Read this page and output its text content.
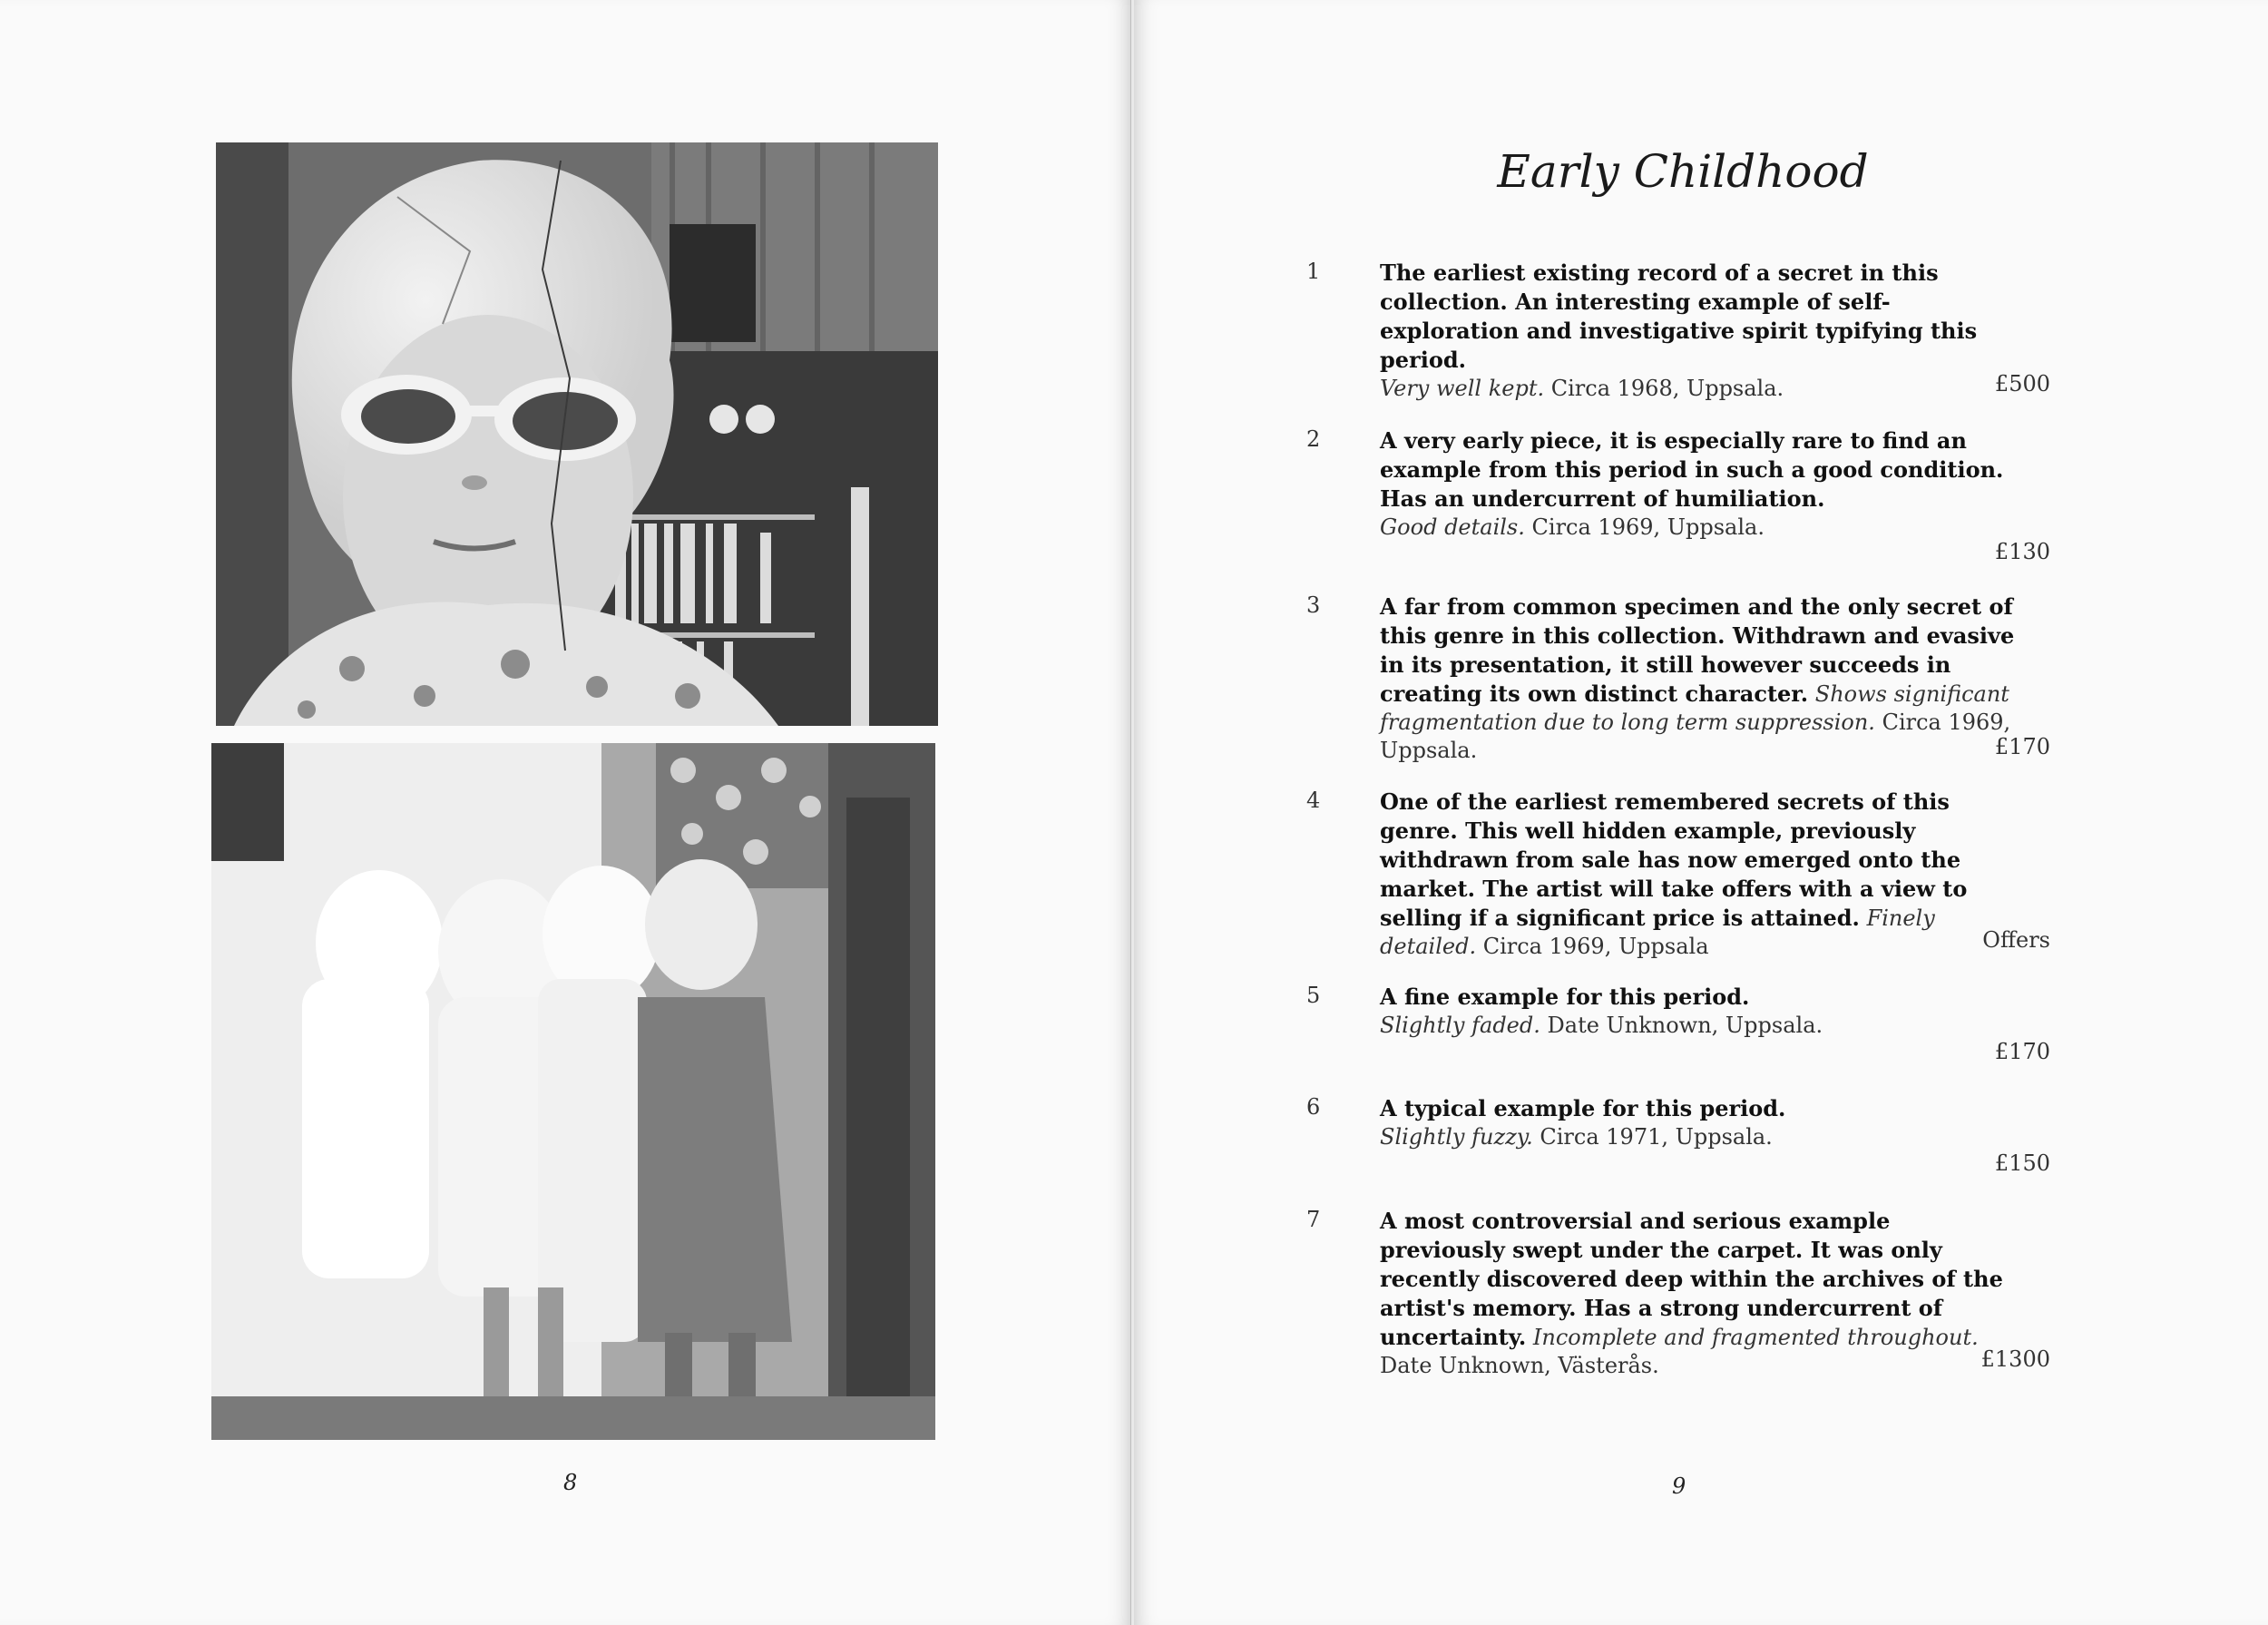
8
Early Childhood
1	The earliest existing record of a secret in this collection. An interesting example of self-exploration and investigative spirit typifying this period.
Very well kept. Circa 1968, Uppsala.	£500
2	A very early piece, it is especially rare to find an example from this period in such a good condition. Has an undercurrent of humiliation.
Good details. Circa 1969, Uppsala.
£130
3	A far from common specimen and the only secret of this genre in this collection. Withdrawn and evasive in its presentation, it still however succeeds in creating its own distinct character. Shows significant fragmentation due to long term suppression. Circa 1969, Uppsala.	£170
4	One of the earliest remembered secrets of this genre. This well hidden example, previously withdrawn from sale has now emerged onto the market. The artist will take offers with a view to selling if a significant price is attained. Finely detailed. Circa 1969, Uppsala	Offers
5	A fine example for this period.
Slightly faded. Date Unknown, Uppsala.
£170
6	A typical example for this period.
Slightly fuzzy. Circa 1971, Uppsala.
£150
7	A most controversial and serious example previously swept under the carpet. It was only recently discovered deep within the archives of the artist's memory. Has a strong undercurrent of uncertainty. Incomplete and fragmented throughout. Date Unknown, Västerås.	£1300
9
